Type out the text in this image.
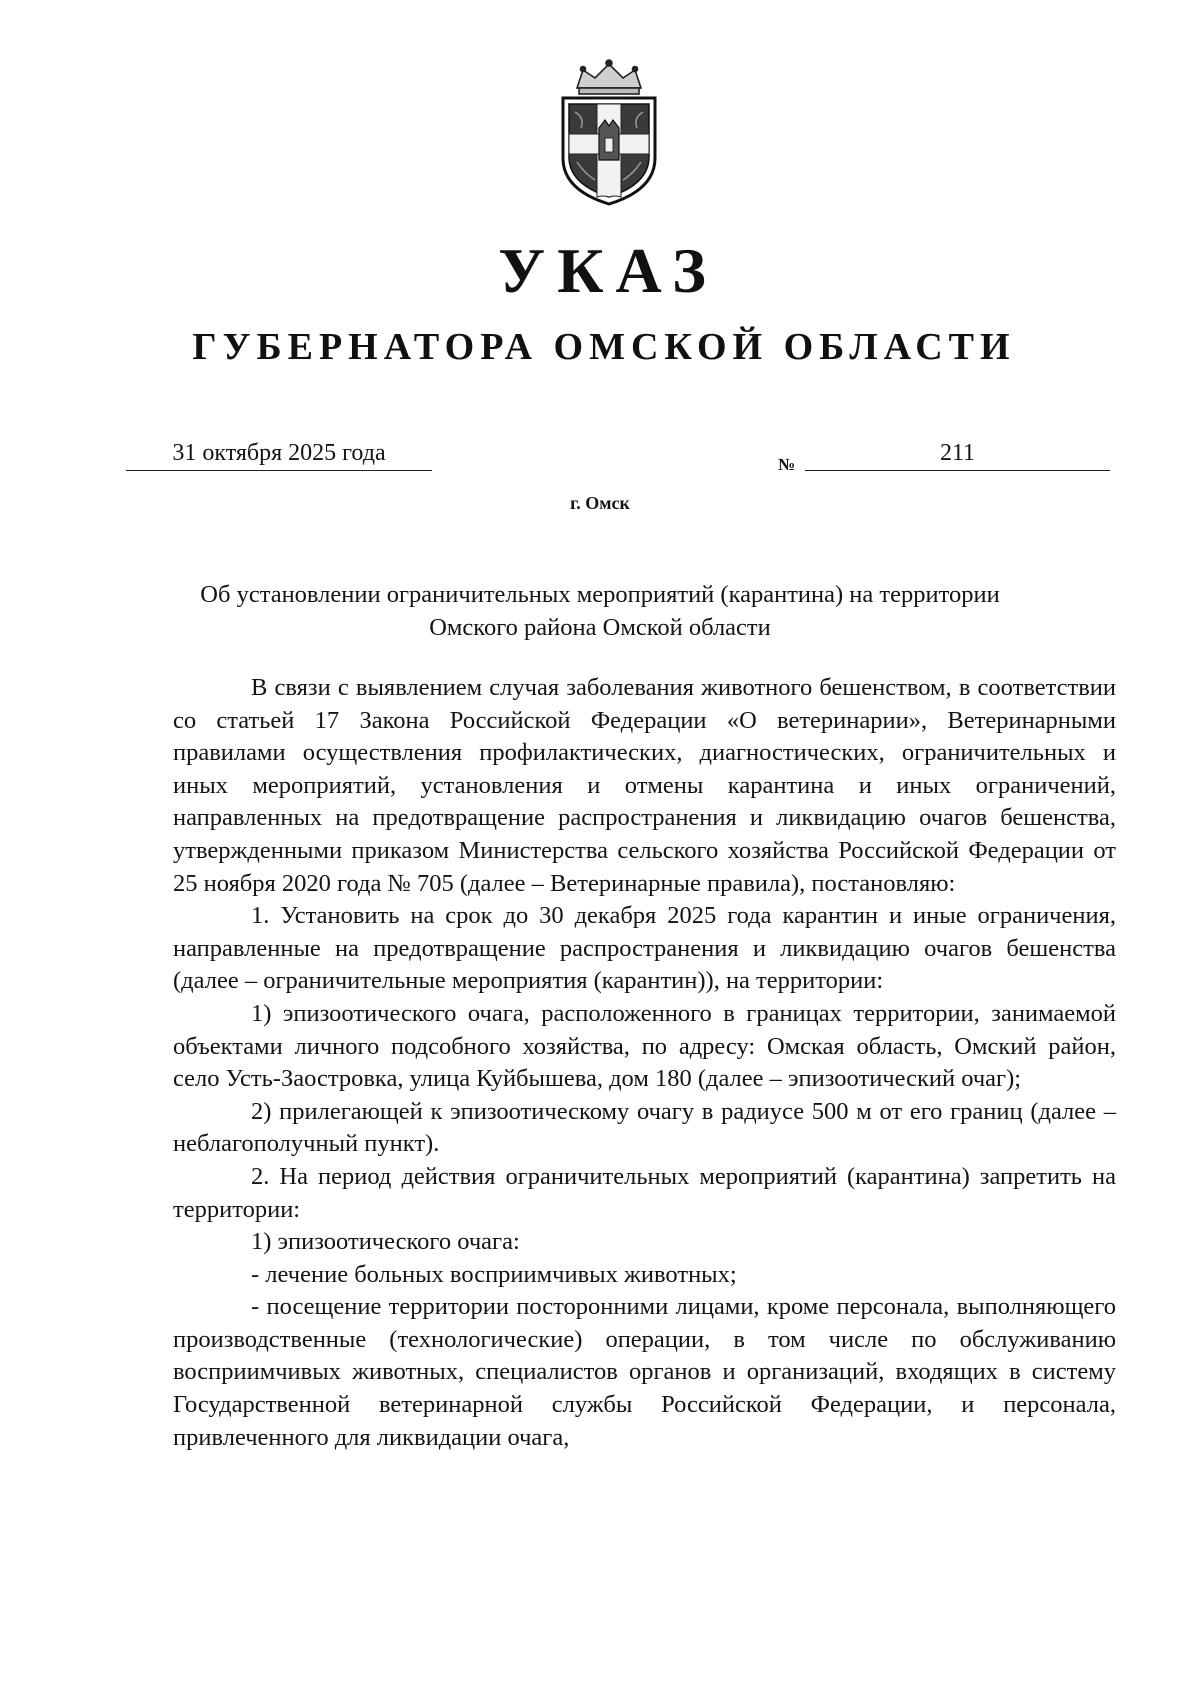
УКАЗ
ГУБЕРНАТОРА ОМСКОЙ ОБЛАСТИ
31 октября 2025 года	№	211
г. Омск
Об установлении ограничительных мероприятий (карантина) на территории
Омского района Омской области

В связи с выявлением случая заболевания животного бешенством, в соответствии со статьей 17 Закона Российской Федерации «О ветеринарии», Ветеринарными правилами осуществления профилактических, диагностических, ограничительных и иных мероприятий, установления и отмены карантина и иных ограничений, направленных на предотвращение распространения и ликвидацию очагов бешенства, утвержденными приказом Министерства сельского хозяйства Российской Федерации от 25 ноября 2020 года № 705 (далее – Ветеринарные правила), постановляю:

1. Установить на срок до 30 декабря 2025 года карантин и иные ограничения, направленные на предотвращение распространения и ликвидацию очагов бешенства (далее – ограничительные мероприятия (карантин)), на территории:

1) эпизоотического очага, расположенного в границах территории, занимаемой объектами личного подсобного хозяйства, по адресу: Омская область, Омский район, село Усть-Заостровка, улица Куйбышева, дом 180 (далее – эпизоотический очаг);

2) прилегающей к эпизоотическому очагу в радиусе 500 м от его границ (далее – неблагополучный пункт).

2. На период действия ограничительных мероприятий (карантина) запретить на территории:

1) эпизоотического очага:

- лечение больных восприимчивых животных;

- посещение территории посторонними лицами, кроме персонала, выполняющего производственные (технологические) операции, в том числе по обслуживанию восприимчивых животных, специалистов органов и организаций, входящих в систему Государственной ветеринарной службы Российской Федерации, и персонала, привлеченного для ликвидации очага,
